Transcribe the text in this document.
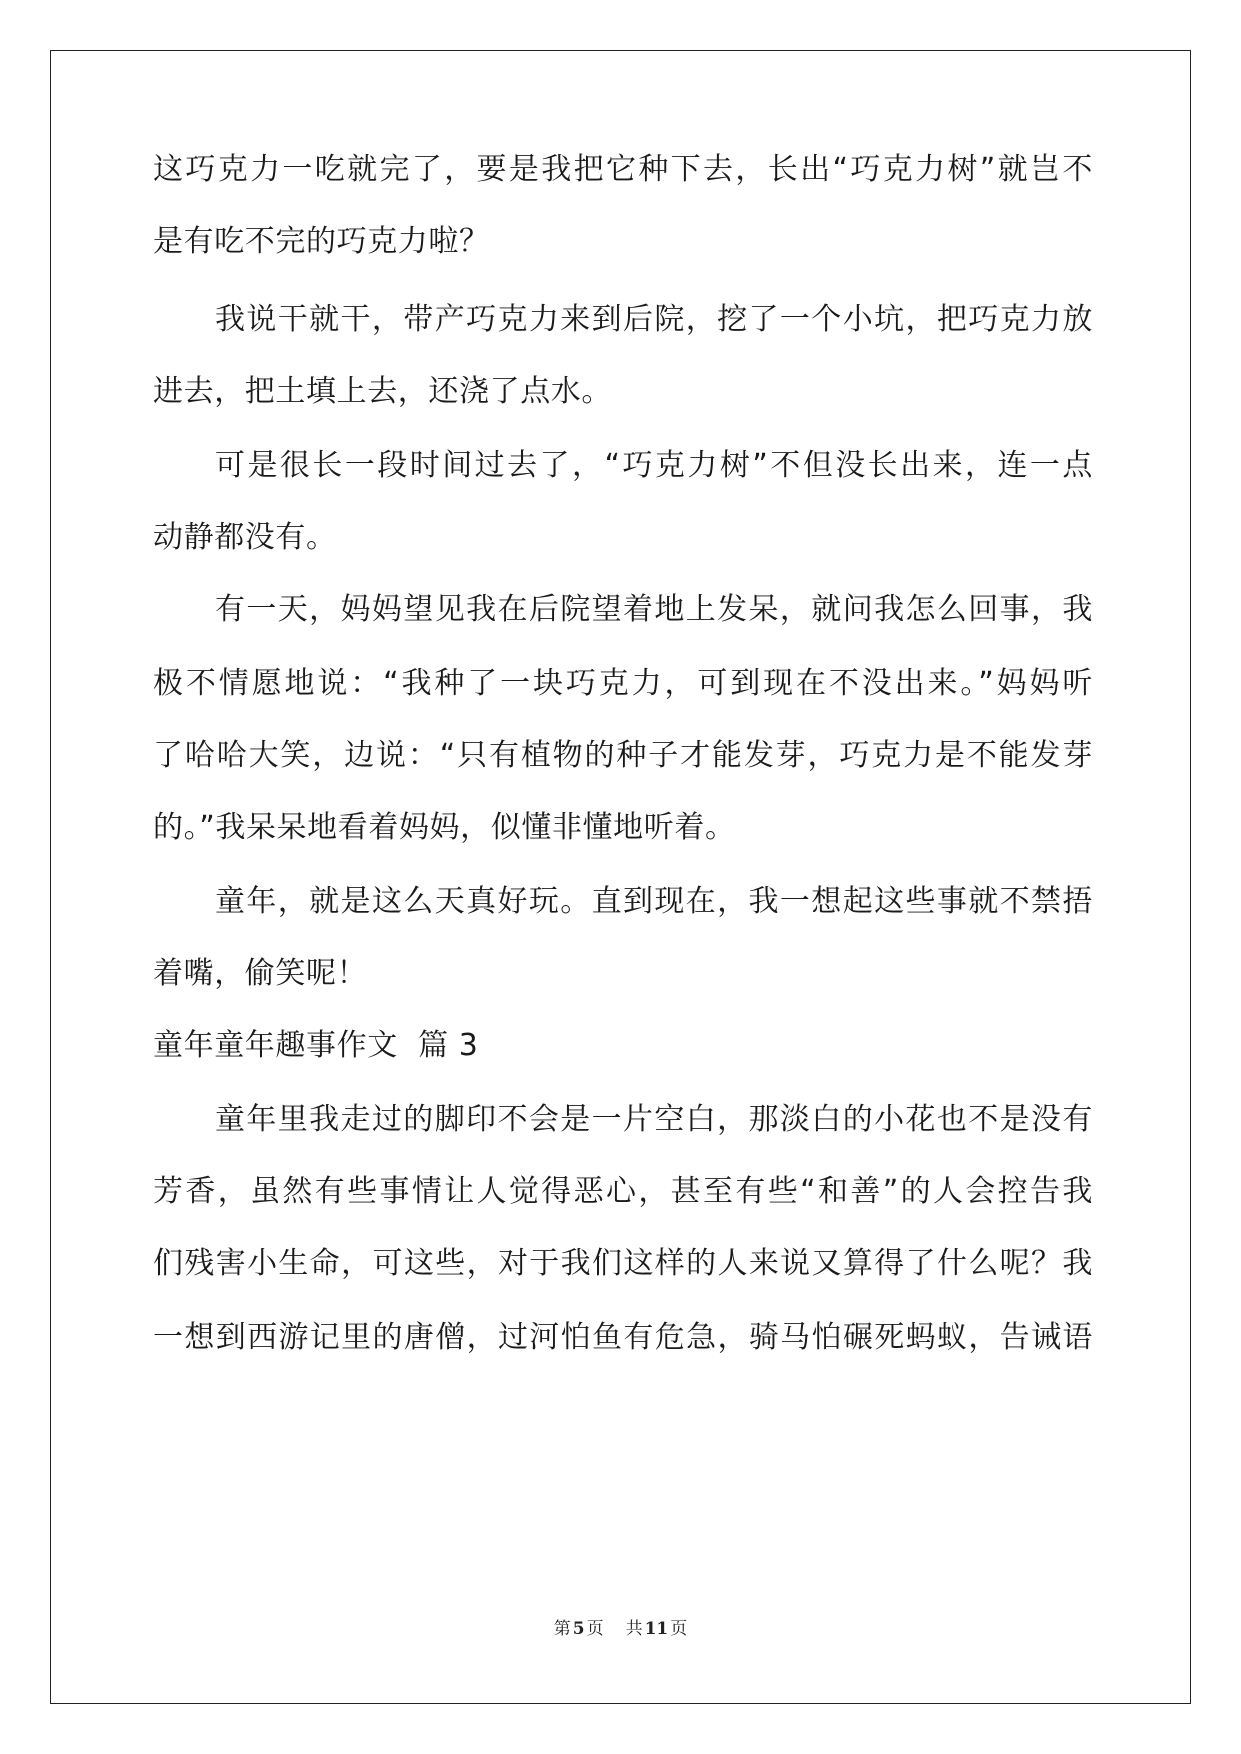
这巧克力一吃就完了，要是我把它种下去，长出“巧克力树”就岂不
是有吃不完的巧克力啦？
我说干就干，带产巧克力来到后院，挖了一个小坑，把巧克力放
进去，把土填上去，还浇了点水。
可是很长一段时间过去了，“巧克力树”不但没长出来，连一点
动静都没有。
有一天，妈妈望见我在后院望着地上发呆，就问我怎么回事，我
极不情愿地说：“我种了一块巧克力，可到现在不没出来。”妈妈听
了哈哈大笑，边说：“只有植物的种子才能发芽，巧克力是不能发芽
的。”我呆呆地看着妈妈，似懂非懂地听着。
童年，就是这么天真好玩。直到现在，我一想起这些事就不禁捂
着嘴，偷笑呢！
童年童年趣事作文  篇 3
童年里我走过的脚印不会是一片空白，那淡白的小花也不是没有
芳香，虽然有些事情让人觉得恶心，甚至有些“和善”的人会控告我
们残害小生命，可这些，对于我们这样的人来说又算得了什么呢？我
一想到西游记里的唐僧，过河怕鱼有危急，骑马怕碾死蚂蚁，告诫语
第 5 页 共 11 页
